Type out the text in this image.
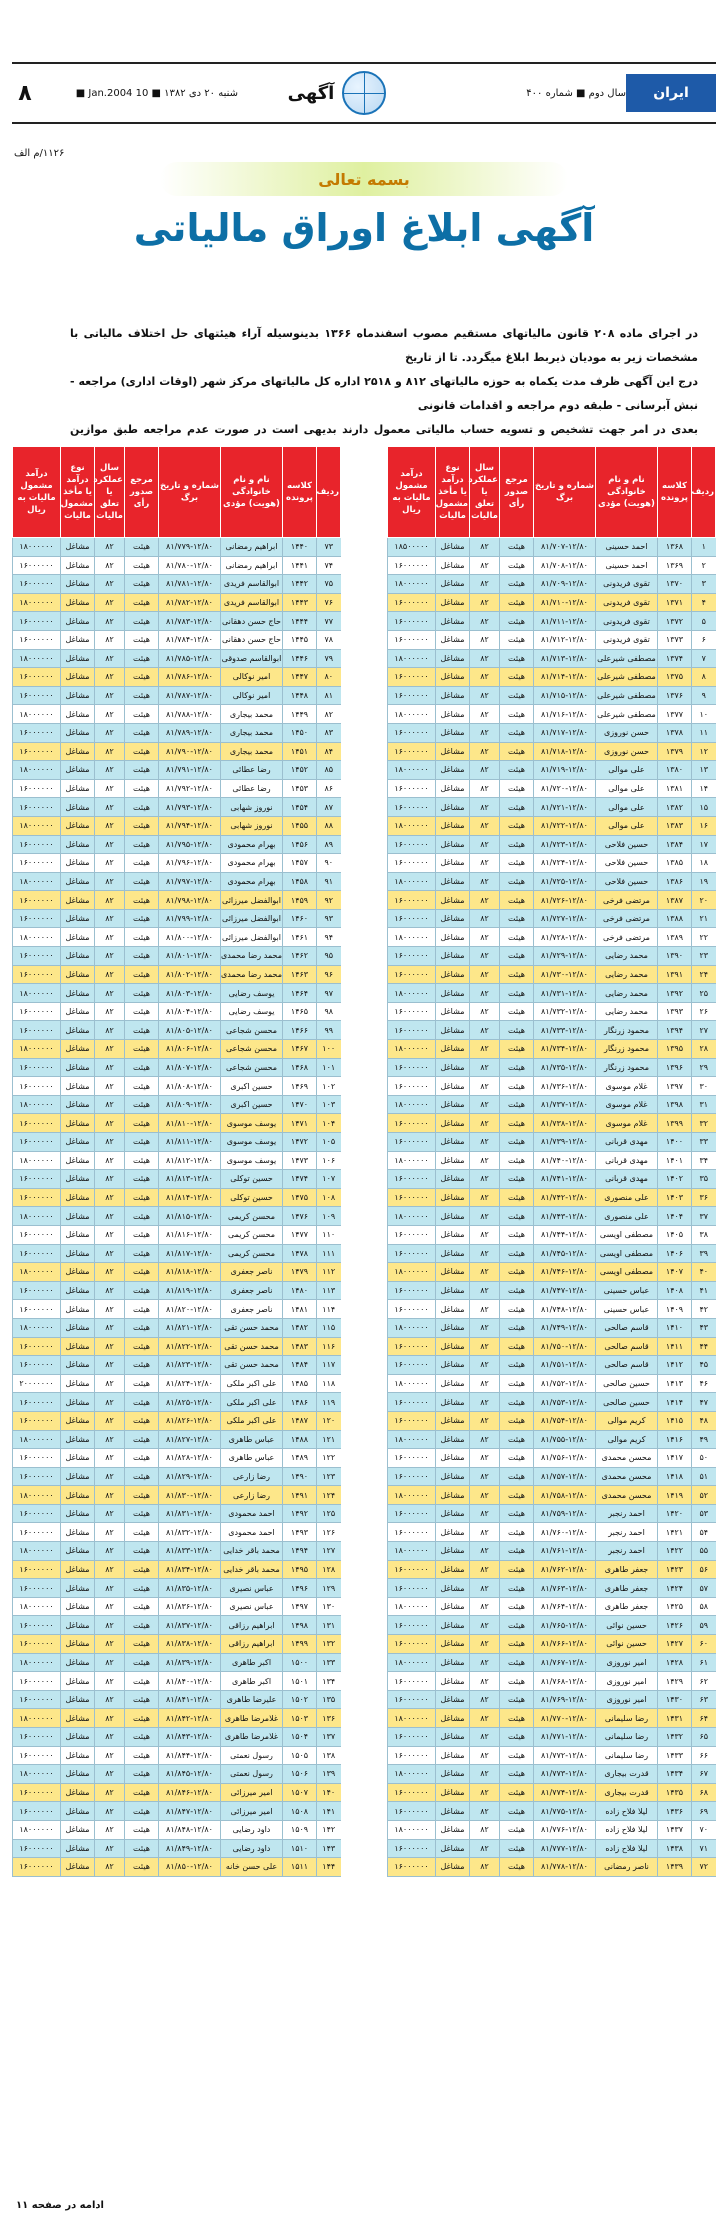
۸	شنبه ۲۰ دی ۱۳۸۲ ■ 10 Jan.2004 ■	آگهی	سال دوم ■ شماره ۴۰۰	ایران
۱۱۲۶/م الف
بسمه تعالی
آگهی ابلاغ اوراق مالیاتی
در اجرای ماده ۲۰۸ قانون مالیاتهای مستقیم مصوب اسفندماه ۱۳۶۶ بدینوسیله آراء هیئتهای حل اختلاف مالیاتی با مشخصات زیر به مودیان ذیربط ابلاغ میگردد. تا از تاریخ
درج این آگهی ظرف مدت یکماه به حوزه مالیاتهای ۸۱۲ و ۲۵۱۸ اداره کل مالیاتهای مرکز شهر (اوقات اداری) مراجعه - نبش آبرسانی - طبقه دوم مراجعه و اقدامات قانونی
بعدی در امر جهت تشخیص و تسویه حساب مالیاتی معمول دارند بدیهی است در صورت عدم مراجعه طبق موازین
ردیف	کلاسه پرونده	نام و نام خانوادگی (هویت) مؤدی	شماره و تاریخ برگ	مرجع صدور رأی	سال عملکرد یا تعلق مالیات	نوع درآمد یا مأخذ مشمول مالیات	درآمد مشمول مالیات به ریال
۱	۱۳۶۸	احمد حسینی	۸۱/۷۰۷-۱۲/۸۰	هیئت	۸۲	مشاغل	۱۸۵۰۰۰۰۰
۲	۱۳۶۹	احمد حسینی	۸۱/۷۰۸-۱۲/۸۰	هیئت	۸۲	مشاغل	۱۶۰۰۰۰۰۰
۳	۱۳۷۰	تقوی فریدونی	۸۱/۷۰۹-۱۲/۸۰	هیئت	۸۲	مشاغل	۱۸۰۰۰۰۰۰
۴	۱۳۷۱	تقوی فریدونی	۸۱/۷۱۰-۱۲/۸۰	هیئت	۸۲	مشاغل	۱۶۰۰۰۰۰۰
۵	۱۳۷۲	تقوی فریدونی	۸۱/۷۱۱-۱۲/۸۰	هیئت	۸۲	مشاغل	۱۶۰۰۰۰۰۰
۶	۱۳۷۳	تقوی فریدونی	۸۱/۷۱۲-۱۲/۸۰	هیئت	۸۲	مشاغل	۱۶۰۰۰۰۰۰
۷	۱۳۷۴	مصطفی شیرعلی	۸۱/۷۱۳-۱۲/۸۰	هیئت	۸۲	مشاغل	۱۸۰۰۰۰۰۰
۸	۱۳۷۵	مصطفی شیرعلی	۸۱/۷۱۴-۱۲/۸۰	هیئت	۸۲	مشاغل	۱۶۰۰۰۰۰۰
۹	۱۳۷۶	مصطفی شیرعلی	۸۱/۷۱۵-۱۲/۸۰	هیئت	۸۲	مشاغل	۱۶۰۰۰۰۰۰
۱۰	۱۳۷۷	مصطفی شیرعلی	۸۱/۷۱۶-۱۲/۸۰	هیئت	۸۲	مشاغل	۱۸۰۰۰۰۰۰
۱۱	۱۳۷۸	حسن نوروزی	۸۱/۷۱۷-۱۲/۸۰	هیئت	۸۲	مشاغل	۱۶۰۰۰۰۰۰
۱۲	۱۳۷۹	حسن نوروزی	۸۱/۷۱۸-۱۲/۸۰	هیئت	۸۲	مشاغل	۱۶۰۰۰۰۰۰
۱۳	۱۳۸۰	علی موالی	۸۱/۷۱۹-۱۲/۸۰	هیئت	۸۲	مشاغل	۱۸۰۰۰۰۰۰
۱۴	۱۳۸۱	علی موالی	۸۱/۷۲۰-۱۲/۸۰	هیئت	۸۲	مشاغل	۱۶۰۰۰۰۰۰
۱۵	۱۳۸۲	علی موالی	۸۱/۷۲۱-۱۲/۸۰	هیئت	۸۲	مشاغل	۱۶۰۰۰۰۰۰
۱۶	۱۳۸۳	علی موالی	۸۱/۷۲۲-۱۲/۸۰	هیئت	۸۲	مشاغل	۱۸۰۰۰۰۰۰
۱۷	۱۳۸۴	حسین فلاحی	۸۱/۷۲۳-۱۲/۸۰	هیئت	۸۲	مشاغل	۱۶۰۰۰۰۰۰
۱۸	۱۳۸۵	حسین فلاحی	۸۱/۷۲۴-۱۲/۸۰	هیئت	۸۲	مشاغل	۱۶۰۰۰۰۰۰
۱۹	۱۳۸۶	حسین فلاحی	۸۱/۷۲۵-۱۲/۸۰	هیئت	۸۲	مشاغل	۱۸۰۰۰۰۰۰
۲۰	۱۳۸۷	مرتضی فرخی	۸۱/۷۲۶-۱۲/۸۰	هیئت	۸۲	مشاغل	۱۶۰۰۰۰۰۰
۲۱	۱۳۸۸	مرتضی فرخی	۸۱/۷۲۷-۱۲/۸۰	هیئت	۸۲	مشاغل	۱۶۰۰۰۰۰۰
۲۲	۱۳۸۹	مرتضی فرخی	۸۱/۷۲۸-۱۲/۸۰	هیئت	۸۲	مشاغل	۱۸۰۰۰۰۰۰
۲۳	۱۳۹۰	محمد رضایی	۸۱/۷۲۹-۱۲/۸۰	هیئت	۸۲	مشاغل	۱۶۰۰۰۰۰۰
۲۴	۱۳۹۱	محمد رضایی	۸۱/۷۳۰-۱۲/۸۰	هیئت	۸۲	مشاغل	۱۶۰۰۰۰۰۰
۲۵	۱۳۹۲	محمد رضایی	۸۱/۷۳۱-۱۲/۸۰	هیئت	۸۲	مشاغل	۱۸۰۰۰۰۰۰
۲۶	۱۳۹۳	محمد رضایی	۸۱/۷۳۲-۱۲/۸۰	هیئت	۸۲	مشاغل	۱۶۰۰۰۰۰۰
۲۷	۱۳۹۴	محمود زرنگار	۸۱/۷۳۳-۱۲/۸۰	هیئت	۸۲	مشاغل	۱۶۰۰۰۰۰۰
۲۸	۱۳۹۵	محمود زرنگار	۸۱/۷۳۴-۱۲/۸۰	هیئت	۸۲	مشاغل	۱۸۰۰۰۰۰۰
۲۹	۱۳۹۶	محمود زرنگار	۸۱/۷۳۵-۱۲/۸۰	هیئت	۸۲	مشاغل	۱۶۰۰۰۰۰۰
۳۰	۱۳۹۷	غلام موسوی	۸۱/۷۳۶-۱۲/۸۰	هیئت	۸۲	مشاغل	۱۶۰۰۰۰۰۰
۳۱	۱۳۹۸	غلام موسوی	۸۱/۷۳۷-۱۲/۸۰	هیئت	۸۲	مشاغل	۱۸۰۰۰۰۰۰
۳۲	۱۳۹۹	غلام موسوی	۸۱/۷۳۸-۱۲/۸۰	هیئت	۸۲	مشاغل	۱۶۰۰۰۰۰۰
۳۳	۱۴۰۰	مهدی قربانی	۸۱/۷۳۹-۱۲/۸۰	هیئت	۸۲	مشاغل	۱۶۰۰۰۰۰۰
۳۴	۱۴۰۱	مهدی قربانی	۸۱/۷۴۰-۱۲/۸۰	هیئت	۸۲	مشاغل	۱۸۰۰۰۰۰۰
۳۵	۱۴۰۲	مهدی قربانی	۸۱/۷۴۱-۱۲/۸۰	هیئت	۸۲	مشاغل	۱۶۰۰۰۰۰۰
۳۶	۱۴۰۳	علی منصوری	۸۱/۷۴۲-۱۲/۸۰	هیئت	۸۲	مشاغل	۱۶۰۰۰۰۰۰
۳۷	۱۴۰۴	علی منصوری	۸۱/۷۴۳-۱۲/۸۰	هیئت	۸۲	مشاغل	۱۸۰۰۰۰۰۰
۳۸	۱۴۰۵	مصطفی اویسی	۸۱/۷۴۴-۱۲/۸۰	هیئت	۸۲	مشاغل	۱۶۰۰۰۰۰۰
۳۹	۱۴۰۶	مصطفی اویسی	۸۱/۷۴۵-۱۲/۸۰	هیئت	۸۲	مشاغل	۱۶۰۰۰۰۰۰
۴۰	۱۴۰۷	مصطفی اویسی	۸۱/۷۴۶-۱۲/۸۰	هیئت	۸۲	مشاغل	۱۸۰۰۰۰۰۰
۴۱	۱۴۰۸	عباس حسینی	۸۱/۷۴۷-۱۲/۸۰	هیئت	۸۲	مشاغل	۱۶۰۰۰۰۰۰
۴۲	۱۴۰۹	عباس حسینی	۸۱/۷۴۸-۱۲/۸۰	هیئت	۸۲	مشاغل	۱۶۰۰۰۰۰۰
۴۳	۱۴۱۰	قاسم صالحی	۸۱/۷۴۹-۱۲/۸۰	هیئت	۸۲	مشاغل	۱۸۰۰۰۰۰۰
۴۴	۱۴۱۱	قاسم صالحی	۸۱/۷۵۰-۱۲/۸۰	هیئت	۸۲	مشاغل	۱۶۰۰۰۰۰۰
۴۵	۱۴۱۲	قاسم صالحی	۸۱/۷۵۱-۱۲/۸۰	هیئت	۸۲	مشاغل	۱۶۰۰۰۰۰۰
۴۶	۱۴۱۳	حسین صالحی	۸۱/۷۵۲-۱۲/۸۰	هیئت	۸۲	مشاغل	۱۸۰۰۰۰۰۰
۴۷	۱۴۱۴	حسین صالحی	۸۱/۷۵۳-۱۲/۸۰	هیئت	۸۲	مشاغل	۱۶۰۰۰۰۰۰
۴۸	۱۴۱۵	کریم موالی	۸۱/۷۵۴-۱۲/۸۰	هیئت	۸۲	مشاغل	۱۶۰۰۰۰۰۰
۴۹	۱۴۱۶	کریم موالی	۸۱/۷۵۵-۱۲/۸۰	هیئت	۸۲	مشاغل	۱۸۰۰۰۰۰۰
۵۰	۱۴۱۷	محسن محمدی	۸۱/۷۵۶-۱۲/۸۰	هیئت	۸۲	مشاغل	۱۶۰۰۰۰۰۰
۵۱	۱۴۱۸	محسن محمدی	۸۱/۷۵۷-۱۲/۸۰	هیئت	۸۲	مشاغل	۱۶۰۰۰۰۰۰
۵۲	۱۴۱۹	محسن محمدی	۸۱/۷۵۸-۱۲/۸۰	هیئت	۸۲	مشاغل	۱۸۰۰۰۰۰۰
۵۳	۱۴۲۰	احمد رنجبر	۸۱/۷۵۹-۱۲/۸۰	هیئت	۸۲	مشاغل	۱۶۰۰۰۰۰۰
۵۴	۱۴۲۱	احمد رنجبر	۸۱/۷۶۰-۱۲/۸۰	هیئت	۸۲	مشاغل	۱۶۰۰۰۰۰۰
۵۵	۱۴۲۲	احمد رنجبر	۸۱/۷۶۱-۱۲/۸۰	هیئت	۸۲	مشاغل	۱۸۰۰۰۰۰۰
۵۶	۱۴۲۳	جعفر طاهری	۸۱/۷۶۲-۱۲/۸۰	هیئت	۸۲	مشاغل	۱۶۰۰۰۰۰۰
۵۷	۱۴۲۴	جعفر طاهری	۸۱/۷۶۳-۱۲/۸۰	هیئت	۸۲	مشاغل	۱۶۰۰۰۰۰۰
۵۸	۱۴۲۵	جعفر طاهری	۸۱/۷۶۴-۱۲/۸۰	هیئت	۸۲	مشاغل	۱۸۰۰۰۰۰۰
۵۹	۱۴۲۶	حسین نوائی	۸۱/۷۶۵-۱۲/۸۰	هیئت	۸۲	مشاغل	۱۶۰۰۰۰۰۰
۶۰	۱۴۲۷	حسین نوائی	۸۱/۷۶۶-۱۲/۸۰	هیئت	۸۲	مشاغل	۱۶۰۰۰۰۰۰
۶۱	۱۴۲۸	امیر نوروزی	۸۱/۷۶۷-۱۲/۸۰	هیئت	۸۲	مشاغل	۱۸۰۰۰۰۰۰
۶۲	۱۴۲۹	امیر نوروزی	۸۱/۷۶۸-۱۲/۸۰	هیئت	۸۲	مشاغل	۱۶۰۰۰۰۰۰
۶۳	۱۴۳۰	امیر نوروزی	۸۱/۷۶۹-۱۲/۸۰	هیئت	۸۲	مشاغل	۱۶۰۰۰۰۰۰
۶۴	۱۴۳۱	رضا سلیمانی	۸۱/۷۷۰-۱۲/۸۰	هیئت	۸۲	مشاغل	۱۸۰۰۰۰۰۰
۶۵	۱۴۳۲	رضا سلیمانی	۸۱/۷۷۱-۱۲/۸۰	هیئت	۸۲	مشاغل	۱۶۰۰۰۰۰۰
۶۶	۱۴۳۳	رضا سلیمانی	۸۱/۷۷۲-۱۲/۸۰	هیئت	۸۲	مشاغل	۱۶۰۰۰۰۰۰
۶۷	۱۴۳۴	قدرت بیجاری	۸۱/۷۷۳-۱۲/۸۰	هیئت	۸۲	مشاغل	۱۸۰۰۰۰۰۰
۶۸	۱۴۳۵	قدرت بیجاری	۸۱/۷۷۴-۱۲/۸۰	هیئت	۸۲	مشاغل	۱۶۰۰۰۰۰۰
۶۹	۱۴۳۶	لیلا فلاح زاده	۸۱/۷۷۵-۱۲/۸۰	هیئت	۸۲	مشاغل	۱۶۰۰۰۰۰۰
۷۰	۱۴۳۷	لیلا فلاح زاده	۸۱/۷۷۶-۱۲/۸۰	هیئت	۸۲	مشاغل	۱۸۰۰۰۰۰۰
۷۱	۱۴۳۸	لیلا فلاح زاده	۸۱/۷۷۷-۱۲/۸۰	هیئت	۸۲	مشاغل	۱۶۰۰۰۰۰۰
۷۲	۱۴۳۹	ناصر رمضانی	۸۱/۷۷۸-۱۲/۸۰	هیئت	۸۲	مشاغل	۱۶۰۰۰۰۰۰
ردیف	کلاسه پرونده	نام و نام خانوادگی (هویت) مؤدی	شماره و تاریخ برگ	مرجع صدور رأی	سال عملکرد یا تعلق مالیات	نوع درآمد یا مأخذ مشمول مالیات	درآمد مشمول مالیات به ریال
۷۳	۱۴۴۰	ابراهیم رمضانی	۸۱/۷۷۹-۱۲/۸۰	هیئت	۸۲	مشاغل	۱۸۰۰۰۰۰۰
۷۴	۱۴۴۱	ابراهیم رمضانی	۸۱/۷۸۰-۱۲/۸۰	هیئت	۸۲	مشاغل	۱۶۰۰۰۰۰۰
۷۵	۱۴۴۲	ابوالقاسم فریدی	۸۱/۷۸۱-۱۲/۸۰	هیئت	۸۲	مشاغل	۱۶۰۰۰۰۰۰
۷۶	۱۴۴۳	ابوالقاسم فریدی	۸۱/۷۸۲-۱۲/۸۰	هیئت	۸۲	مشاغل	۱۸۰۰۰۰۰۰
۷۷	۱۴۴۴	حاج حسن دهقانی	۸۱/۷۸۳-۱۲/۸۰	هیئت	۸۲	مشاغل	۱۶۰۰۰۰۰۰
۷۸	۱۴۴۵	حاج حسن دهقانی	۸۱/۷۸۴-۱۲/۸۰	هیئت	۸۲	مشاغل	۱۶۰۰۰۰۰۰
۷۹	۱۴۴۶	ابوالقاسم صدوقی	۸۱/۷۸۵-۱۲/۸۰	هیئت	۸۲	مشاغل	۱۸۰۰۰۰۰۰
۸۰	۱۴۴۷	امیر نوکالی	۸۱/۷۸۶-۱۲/۸۰	هیئت	۸۲	مشاغل	۱۶۰۰۰۰۰۰
۸۱	۱۴۴۸	امیر نوکالی	۸۱/۷۸۷-۱۲/۸۰	هیئت	۸۲	مشاغل	۱۶۰۰۰۰۰۰
۸۲	۱۴۴۹	محمد بیجاری	۸۱/۷۸۸-۱۲/۸۰	هیئت	۸۲	مشاغل	۱۸۰۰۰۰۰۰
۸۳	۱۴۵۰	محمد بیجاری	۸۱/۷۸۹-۱۲/۸۰	هیئت	۸۲	مشاغل	۱۶۰۰۰۰۰۰
۸۴	۱۴۵۱	محمد بیجاری	۸۱/۷۹۰-۱۲/۸۰	هیئت	۸۲	مشاغل	۱۶۰۰۰۰۰۰
۸۵	۱۴۵۲	رضا عطائی	۸۱/۷۹۱-۱۲/۸۰	هیئت	۸۲	مشاغل	۱۸۰۰۰۰۰۰
۸۶	۱۴۵۳	رضا عطائی	۸۱/۷۹۲-۱۲/۸۰	هیئت	۸۲	مشاغل	۱۶۰۰۰۰۰۰
۸۷	۱۴۵۴	نوروز شهابی	۸۱/۷۹۳-۱۲/۸۰	هیئت	۸۲	مشاغل	۱۶۰۰۰۰۰۰
۸۸	۱۴۵۵	نوروز شهابی	۸۱/۷۹۴-۱۲/۸۰	هیئت	۸۲	مشاغل	۱۸۰۰۰۰۰۰
۸۹	۱۴۵۶	بهرام محمودی	۸۱/۷۹۵-۱۲/۸۰	هیئت	۸۲	مشاغل	۱۶۰۰۰۰۰۰
۹۰	۱۴۵۷	بهرام محمودی	۸۱/۷۹۶-۱۲/۸۰	هیئت	۸۲	مشاغل	۱۶۰۰۰۰۰۰
۹۱	۱۴۵۸	بهرام محمودی	۸۱/۷۹۷-۱۲/۸۰	هیئت	۸۲	مشاغل	۱۸۰۰۰۰۰۰
۹۲	۱۴۵۹	ابوالفضل میرزائی	۸۱/۷۹۸-۱۲/۸۰	هیئت	۸۲	مشاغل	۱۶۰۰۰۰۰۰
۹۳	۱۴۶۰	ابوالفضل میرزائی	۸۱/۷۹۹-۱۲/۸۰	هیئت	۸۲	مشاغل	۱۶۰۰۰۰۰۰
۹۴	۱۴۶۱	ابوالفضل میرزائی	۸۱/۸۰۰-۱۲/۸۰	هیئت	۸۲	مشاغل	۱۸۰۰۰۰۰۰
۹۵	۱۴۶۲	محمد رضا محمدی	۸۱/۸۰۱-۱۲/۸۰	هیئت	۸۲	مشاغل	۱۶۰۰۰۰۰۰
۹۶	۱۴۶۳	محمد رضا محمدی	۸۱/۸۰۲-۱۲/۸۰	هیئت	۸۲	مشاغل	۱۶۰۰۰۰۰۰
۹۷	۱۴۶۴	یوسف رضایی	۸۱/۸۰۳-۱۲/۸۰	هیئت	۸۲	مشاغل	۱۸۰۰۰۰۰۰
۹۸	۱۴۶۵	یوسف رضایی	۸۱/۸۰۴-۱۲/۸۰	هیئت	۸۲	مشاغل	۱۶۰۰۰۰۰۰
۹۹	۱۴۶۶	محسن شجاعی	۸۱/۸۰۵-۱۲/۸۰	هیئت	۸۲	مشاغل	۱۶۰۰۰۰۰۰
۱۰۰	۱۴۶۷	محسن شجاعی	۸۱/۸۰۶-۱۲/۸۰	هیئت	۸۲	مشاغل	۱۸۰۰۰۰۰۰
۱۰۱	۱۴۶۸	محسن شجاعی	۸۱/۸۰۷-۱۲/۸۰	هیئت	۸۲	مشاغل	۱۶۰۰۰۰۰۰
۱۰۲	۱۴۶۹	حسین اکبری	۸۱/۸۰۸-۱۲/۸۰	هیئت	۸۲	مشاغل	۱۶۰۰۰۰۰۰
۱۰۳	۱۴۷۰	حسین اکبری	۸۱/۸۰۹-۱۲/۸۰	هیئت	۸۲	مشاغل	۱۸۰۰۰۰۰۰
۱۰۴	۱۴۷۱	یوسف موسوی	۸۱/۸۱۰-۱۲/۸۰	هیئت	۸۲	مشاغل	۱۶۰۰۰۰۰۰
۱۰۵	۱۴۷۲	یوسف موسوی	۸۱/۸۱۱-۱۲/۸۰	هیئت	۸۲	مشاغل	۱۶۰۰۰۰۰۰
۱۰۶	۱۴۷۳	یوسف موسوی	۸۱/۸۱۲-۱۲/۸۰	هیئت	۸۲	مشاغل	۱۸۰۰۰۰۰۰
۱۰۷	۱۴۷۴	حسین توکلی	۸۱/۸۱۳-۱۲/۸۰	هیئت	۸۲	مشاغل	۱۶۰۰۰۰۰۰
۱۰۸	۱۴۷۵	حسین توکلی	۸۱/۸۱۴-۱۲/۸۰	هیئت	۸۲	مشاغل	۱۶۰۰۰۰۰۰
۱۰۹	۱۴۷۶	محسن کریمی	۸۱/۸۱۵-۱۲/۸۰	هیئت	۸۲	مشاغل	۱۸۰۰۰۰۰۰
۱۱۰	۱۴۷۷	محسن کریمی	۸۱/۸۱۶-۱۲/۸۰	هیئت	۸۲	مشاغل	۱۶۰۰۰۰۰۰
۱۱۱	۱۴۷۸	محسن کریمی	۸۱/۸۱۷-۱۲/۸۰	هیئت	۸۲	مشاغل	۱۶۰۰۰۰۰۰
۱۱۲	۱۴۷۹	ناصر جعفری	۸۱/۸۱۸-۱۲/۸۰	هیئت	۸۲	مشاغل	۱۸۰۰۰۰۰۰
۱۱۳	۱۴۸۰	ناصر جعفری	۸۱/۸۱۹-۱۲/۸۰	هیئت	۸۲	مشاغل	۱۶۰۰۰۰۰۰
۱۱۴	۱۴۸۱	ناصر جعفری	۸۱/۸۲۰-۱۲/۸۰	هیئت	۸۲	مشاغل	۱۶۰۰۰۰۰۰
۱۱۵	۱۴۸۲	محمد حسن تقی	۸۱/۸۲۱-۱۲/۸۰	هیئت	۸۲	مشاغل	۱۸۰۰۰۰۰۰
۱۱۶	۱۴۸۳	محمد حسن تقی	۸۱/۸۲۲-۱۲/۸۰	هیئت	۸۲	مشاغل	۱۶۰۰۰۰۰۰
۱۱۷	۱۴۸۴	محمد حسن تقی	۸۱/۸۲۳-۱۲/۸۰	هیئت	۸۲	مشاغل	۱۶۰۰۰۰۰۰
۱۱۸	۱۴۸۵	علی اکبر ملکی	۸۱/۸۲۴-۱۲/۸۰	هیئت	۸۲	مشاغل	۲۰۰۰۰۰۰۰
۱۱۹	۱۴۸۶	علی اکبر ملکی	۸۱/۸۲۵-۱۲/۸۰	هیئت	۸۲	مشاغل	۱۶۰۰۰۰۰۰
۱۲۰	۱۴۸۷	علی اکبر ملکی	۸۱/۸۲۶-۱۲/۸۰	هیئت	۸۲	مشاغل	۱۶۰۰۰۰۰۰
۱۲۱	۱۴۸۸	عباس طاهری	۸۱/۸۲۷-۱۲/۸۰	هیئت	۸۲	مشاغل	۱۸۰۰۰۰۰۰
۱۲۲	۱۴۸۹	عباس طاهری	۸۱/۸۲۸-۱۲/۸۰	هیئت	۸۲	مشاغل	۱۶۰۰۰۰۰۰
۱۲۳	۱۴۹۰	رضا زارعی	۸۱/۸۲۹-۱۲/۸۰	هیئت	۸۲	مشاغل	۱۶۰۰۰۰۰۰
۱۲۴	۱۴۹۱	رضا زارعی	۸۱/۸۳۰-۱۲/۸۰	هیئت	۸۲	مشاغل	۱۸۰۰۰۰۰۰
۱۲۵	۱۴۹۲	احمد محمودی	۸۱/۸۳۱-۱۲/۸۰	هیئت	۸۲	مشاغل	۱۶۰۰۰۰۰۰
۱۲۶	۱۴۹۳	احمد محمودی	۸۱/۸۳۲-۱۲/۸۰	هیئت	۸۲	مشاغل	۱۶۰۰۰۰۰۰
۱۲۷	۱۴۹۴	محمد باقر خدایی	۸۱/۸۳۳-۱۲/۸۰	هیئت	۸۲	مشاغل	۱۸۰۰۰۰۰۰
۱۲۸	۱۴۹۵	محمد باقر خدایی	۸۱/۸۳۴-۱۲/۸۰	هیئت	۸۲	مشاغل	۱۶۰۰۰۰۰۰
۱۲۹	۱۴۹۶	عباس نصیری	۸۱/۸۳۵-۱۲/۸۰	هیئت	۸۲	مشاغل	۱۶۰۰۰۰۰۰
۱۳۰	۱۴۹۷	عباس نصیری	۸۱/۸۳۶-۱۲/۸۰	هیئت	۸۲	مشاغل	۱۸۰۰۰۰۰۰
۱۳۱	۱۴۹۸	ابراهیم رزاقی	۸۱/۸۳۷-۱۲/۸۰	هیئت	۸۲	مشاغل	۱۶۰۰۰۰۰۰
۱۳۲	۱۴۹۹	ابراهیم رزاقی	۸۱/۸۳۸-۱۲/۸۰	هیئت	۸۲	مشاغل	۱۶۰۰۰۰۰۰
۱۳۳	۱۵۰۰	اکبر طاهری	۸۱/۸۳۹-۱۲/۸۰	هیئت	۸۲	مشاغل	۱۸۰۰۰۰۰۰
۱۳۴	۱۵۰۱	اکبر طاهری	۸۱/۸۴۰-۱۲/۸۰	هیئت	۸۲	مشاغل	۱۶۰۰۰۰۰۰
۱۳۵	۱۵۰۲	علیرضا طاهری	۸۱/۸۴۱-۱۲/۸۰	هیئت	۸۲	مشاغل	۱۶۰۰۰۰۰۰
۱۳۶	۱۵۰۳	غلامرضا طاهری	۸۱/۸۴۲-۱۲/۸۰	هیئت	۸۲	مشاغل	۱۸۰۰۰۰۰۰
۱۳۷	۱۵۰۴	غلامرضا طاهری	۸۱/۸۴۳-۱۲/۸۰	هیئت	۸۲	مشاغل	۱۶۰۰۰۰۰۰
۱۳۸	۱۵۰۵	رسول نعمتی	۸۱/۸۴۴-۱۲/۸۰	هیئت	۸۲	مشاغل	۱۶۰۰۰۰۰۰
۱۳۹	۱۵۰۶	رسول نعمتی	۸۱/۸۴۵-۱۲/۸۰	هیئت	۸۲	مشاغل	۱۸۰۰۰۰۰۰
۱۴۰	۱۵۰۷	امیر میرزائی	۸۱/۸۴۶-۱۲/۸۰	هیئت	۸۲	مشاغل	۱۶۰۰۰۰۰۰
۱۴۱	۱۵۰۸	امیر میرزائی	۸۱/۸۴۷-۱۲/۸۰	هیئت	۸۲	مشاغل	۱۶۰۰۰۰۰۰
۱۴۲	۱۵۰۹	داود رضایی	۸۱/۸۴۸-۱۲/۸۰	هیئت	۸۲	مشاغل	۱۸۰۰۰۰۰۰
۱۴۳	۱۵۱۰	داود رضایی	۸۱/۸۴۹-۱۲/۸۰	هیئت	۸۲	مشاغل	۱۶۰۰۰۰۰۰
۱۴۴	۱۵۱۱	علی حسن خانه	۸۱/۸۵۰-۱۲/۸۰	هیئت	۸۲	مشاغل	۱۶۰۰۰۰۰۰
ادامه در صفحه ۱۱
